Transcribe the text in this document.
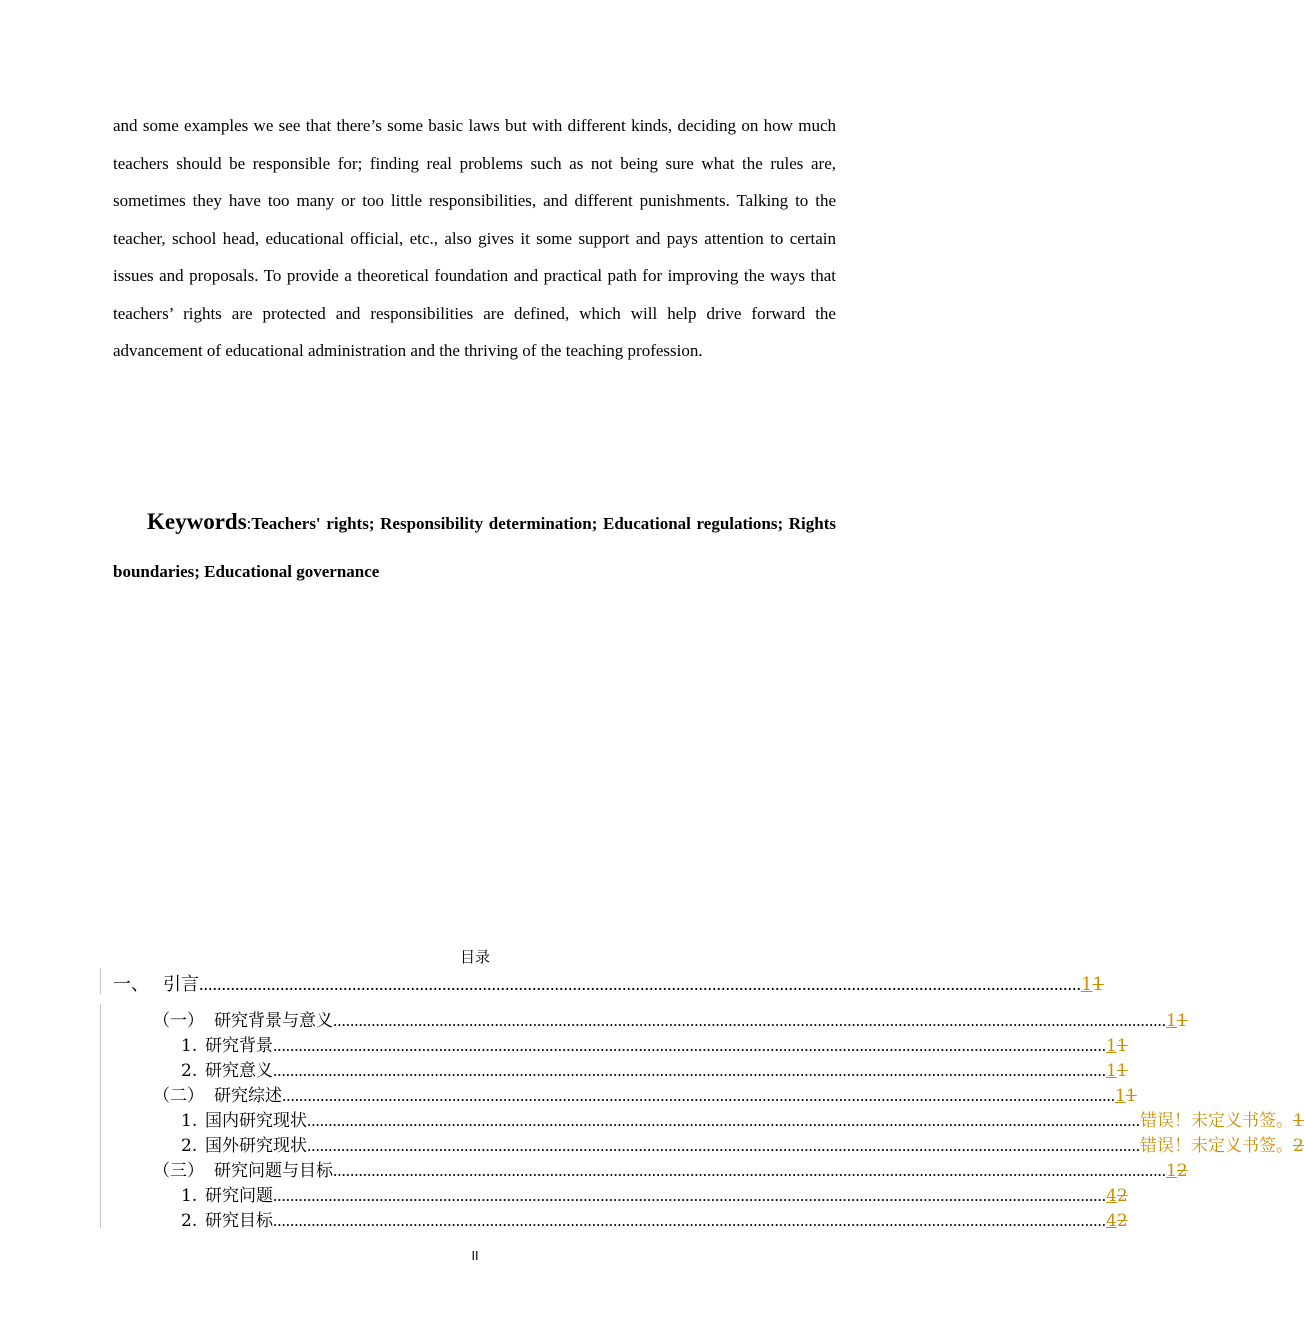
and some examples we see that there’s some basic laws but with different kinds, deciding on how much teachers should be responsible for; finding real problems such as not being sure what the rules are, sometimes they have too many or too little responsibilities, and different punishments. Talking to the teacher, school head, educational official, etc., also gives it some support and pays attention to certain issues and proposals. To provide a theoretical foundation and practical path for improving the ways that teachers’ rights are protected and responsibilities are defined, which will help drive forward the advancement of educational administration and the thriving of the teaching profession.
Keywords:Teachers' rights; Responsibility determination; Educational regulations; Rights boundaries; Educational governance
目录
一、 引言 .................................................................................................................................................................................................... 11
（一） 研究背景与意义 .................................................................................................................................................................................................... 11
1. 研究背景 .................................................................................................................................................................................................... 11
2. 研究意义 .................................................................................................................................................................................................... 11
（二） 研究综述 .................................................................................................................................................................................................... 11
1. 国内研究现状 .................................................................................................................................................................................................... 错误！未定义书签。1
2. 国外研究现状 .................................................................................................................................................................................................... 错误！未定义书签。2
（三） 研究问题与目标 .................................................................................................................................................................................................... 12
1. 研究问题 .................................................................................................................................................................................................... 42
2. 研究目标 .................................................................................................................................................................................................... 42
II
